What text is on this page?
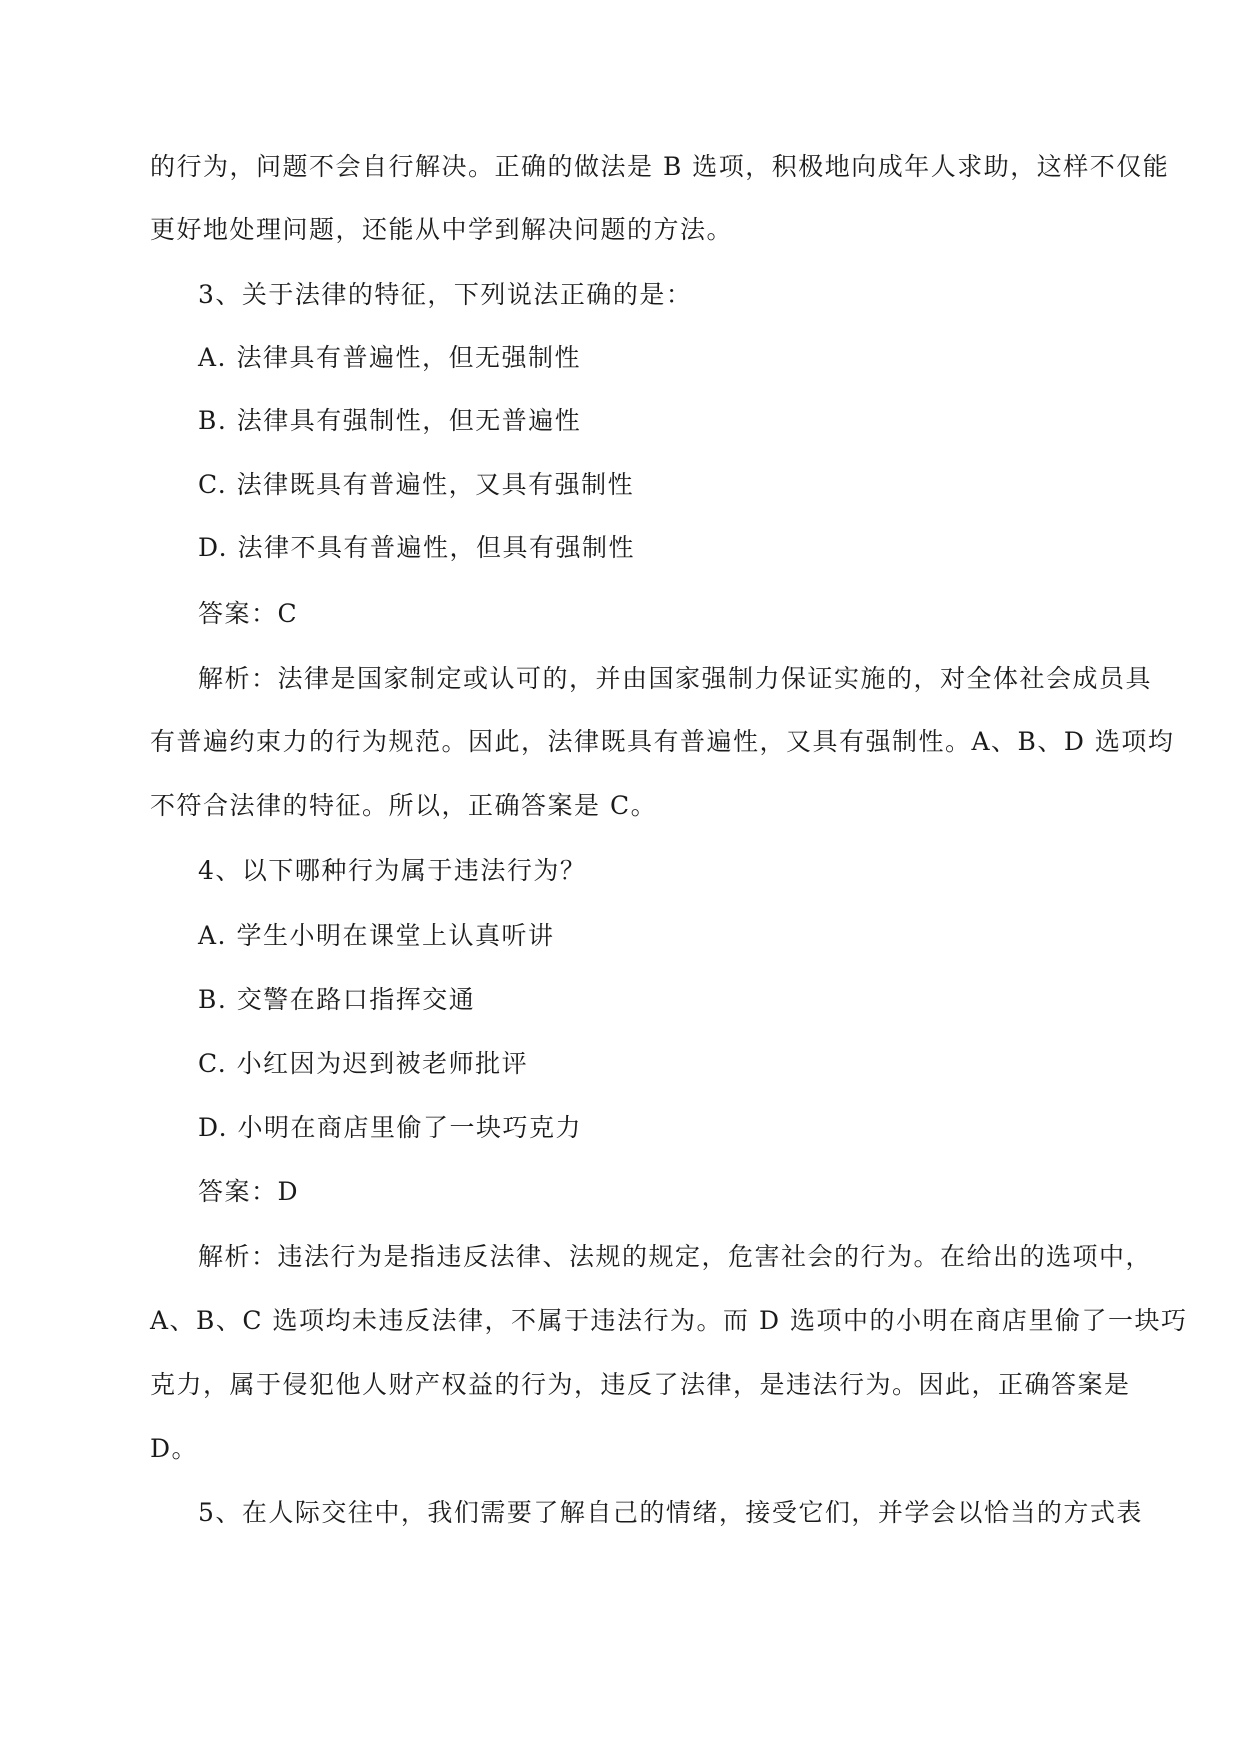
的行为，问题不会自行解决。正确的做法是 B 选项，积极地向成年人求助，这样不仅能
更好地处理问题，还能从中学到解决问题的方法。
3、关于法律的特征，下列说法正确的是：
A. 法律具有普遍性，但无强制性
B. 法律具有强制性，但无普遍性
C. 法律既具有普遍性，又具有强制性
D. 法律不具有普遍性，但具有强制性
答案：C
解析：法律是国家制定或认可的，并由国家强制力保证实施的，对全体社会成员具
有普遍约束力的行为规范。因此，法律既具有普遍性，又具有强制性。A、B、D 选项均
不符合法律的特征。所以，正确答案是 C。
4、以下哪种行为属于违法行为？
A. 学生小明在课堂上认真听讲
B. 交警在路口指挥交通
C. 小红因为迟到被老师批评
D. 小明在商店里偷了一块巧克力
答案：D
解析：违法行为是指违反法律、法规的规定，危害社会的行为。在给出的选项中，
A、B、C 选项均未违反法律，不属于违法行为。而 D 选项中的小明在商店里偷了一块巧
克力，属于侵犯他人财产权益的行为，违反了法律，是违法行为。因此，正确答案是
D。
5、在人际交往中，我们需要了解自己的情绪，接受它们，并学会以恰当的方式表
